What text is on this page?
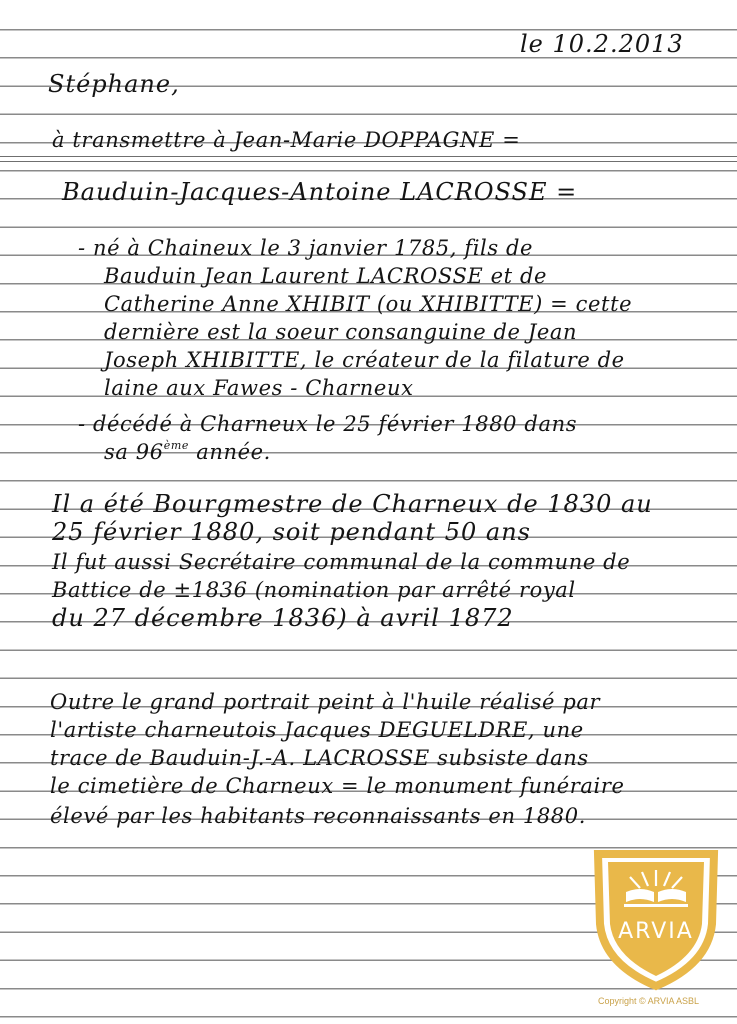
le 10.2.2013

Stéphane,

à transmettre à Jean-Marie DOPPAGNE =

Bauduin-Jacques-Antoine LACROSSE =

- né à Chaineux le 3 janvier 1785, fils de

Bauduin Jean Laurent LACROSSE et de

Catherine Anne XHIBIT (ou XHIBITTE) = cette

dernière est la soeur consanguine de Jean

Joseph XHIBITTE, le créateur de la filature de

laine aux Fawes - Charneux

- décédé à Charneux le 25 février 1880 dans

sa 96ème année.

Il a été Bourgmestre de Charneux de 1830 au

25 février 1880, soit pendant 50 ans

Il fut aussi Secrétaire communal de la commune de

Battice de ±1836 (nomination par arrêté royal

du 27 décembre 1836) à avril 1872

Outre le grand portrait peint à l'huile réalisé par

l'artiste charneutois Jacques DEGUELDRE, une

trace de Bauduin-J.-A. LACROSSE subsiste dans

le cimetière de Charneux = le monument funéraire

élevé par les habitants reconnaissants en 1880.

ARVIA
Copyright © ARVIA ASBL
